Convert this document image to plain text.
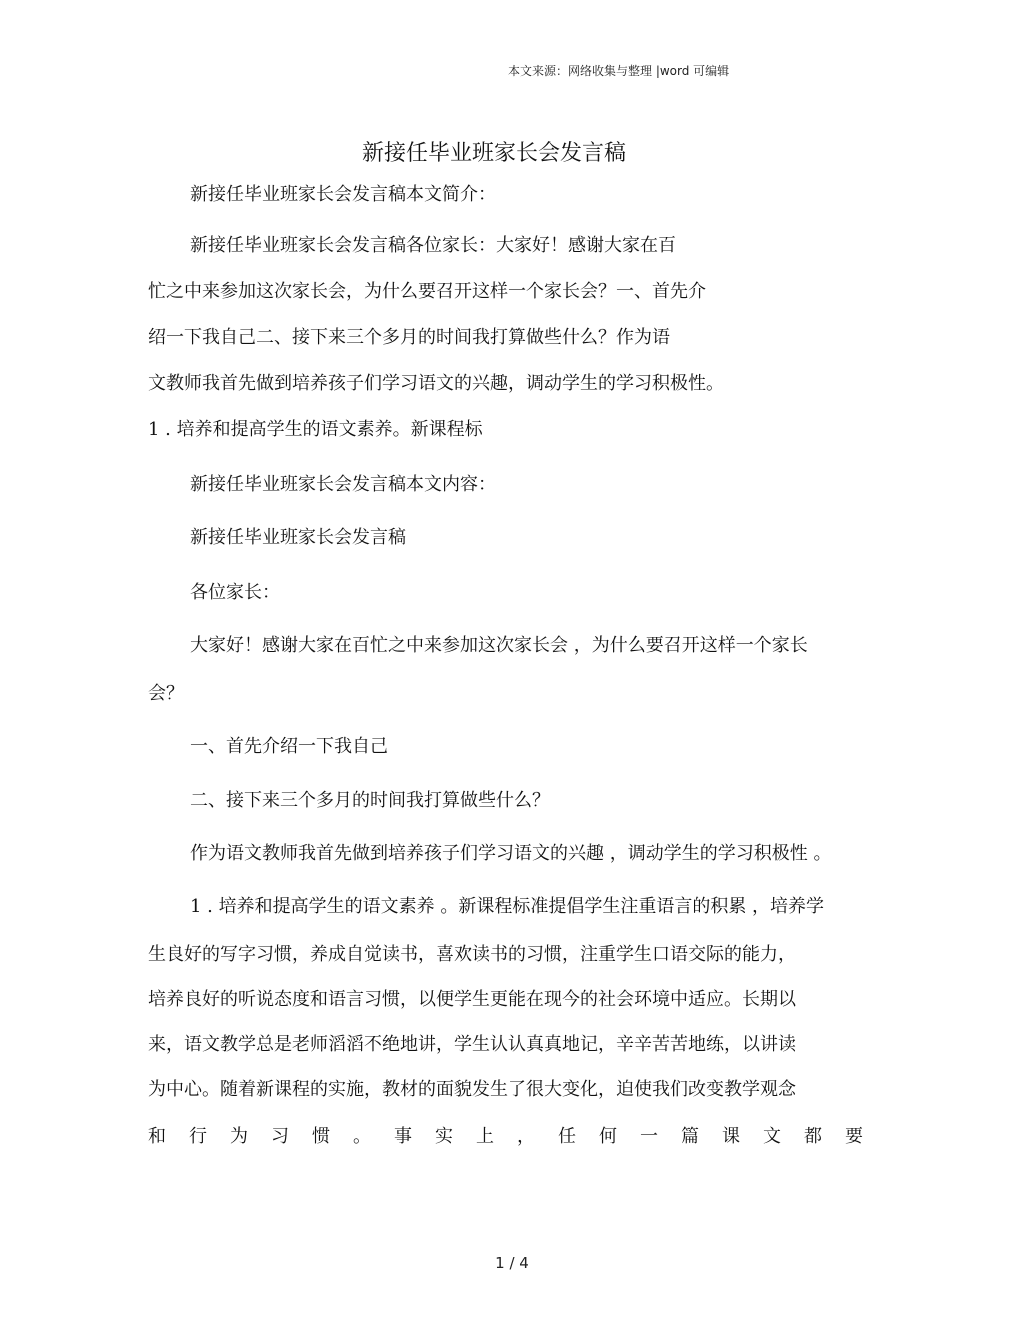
本文来源：网络收集与整理 |word 可编辑
新接任毕业班家长会发言稿
新接任毕业班家长会发言稿本文简介：
新接任毕业班家长会发言稿各位家长：大家好！感谢大家在百
忙之中来参加这次家长会，为什么要召开这样一个家长会？一、首先介
绍一下我自己二、接下来三个多月的时间我打算做些什么？作为语
文教师我首先做到培养孩子们学习语文的兴趣，调动学生的学习积极性。
1 . 培养和提高学生的语文素养。新课程标
新接任毕业班家长会发言稿本文内容：
新接任毕业班家长会发言稿
各位家长：
大家好！感谢大家在百忙之中来参加这次家长会 ，为什么要召开这样一个家长
会？
一、首先介绍一下我自己
二、接下来三个多月的时间我打算做些什么？
作为语文教师我首先做到培养孩子们学习语文的兴趣 ，调动学生的学习积极性 。
1 . 培养和提高学生的语文素养 。新课程标准提倡学生注重语言的积累 ，培养学
生良好的写字习惯，养成自觉读书，喜欢读书的习惯，注重学生口语交际的能力，
培养良好的听说态度和语言习惯，以便学生更能在现今的社会环境中适应。长期以
来，语文教学总是老师滔滔不绝地讲，学生认认真真地记，辛辛苦苦地练，以讲读
为中心。随着新课程的实施，教材的面貌发生了很大变化，迫使我们改变教学观念
和 行 为 习 惯 。 事 实 上 ， 任 何 一 篇 课 文 都 要
1 / 4
